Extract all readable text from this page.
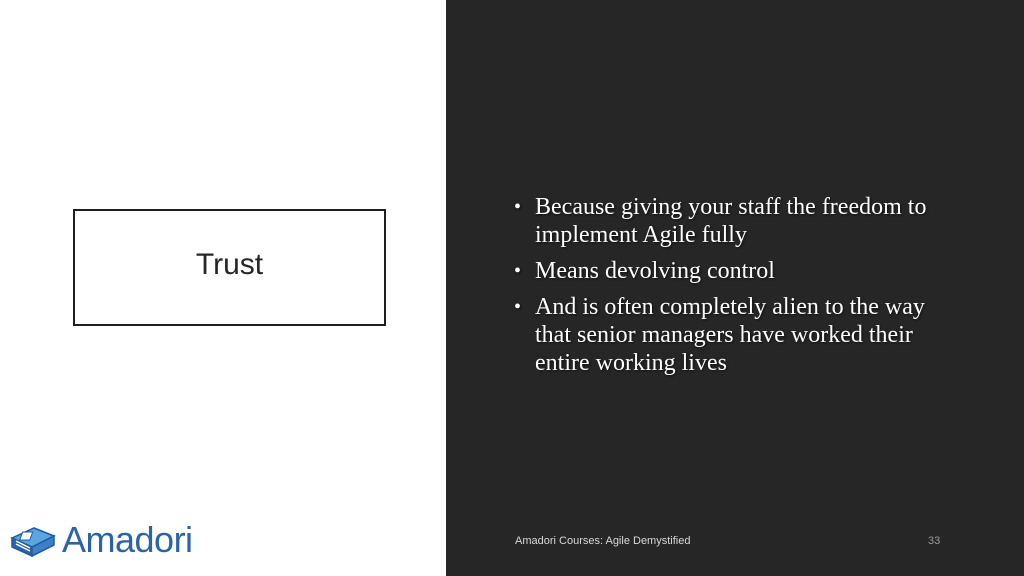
Trust
• Because giving your staff the freedom to implement Agile fully
• Means devolving control
• And is often completely alien to the way that senior managers have worked their entire working lives
Amadori	Amadori Courses: Agile Demystified	33
